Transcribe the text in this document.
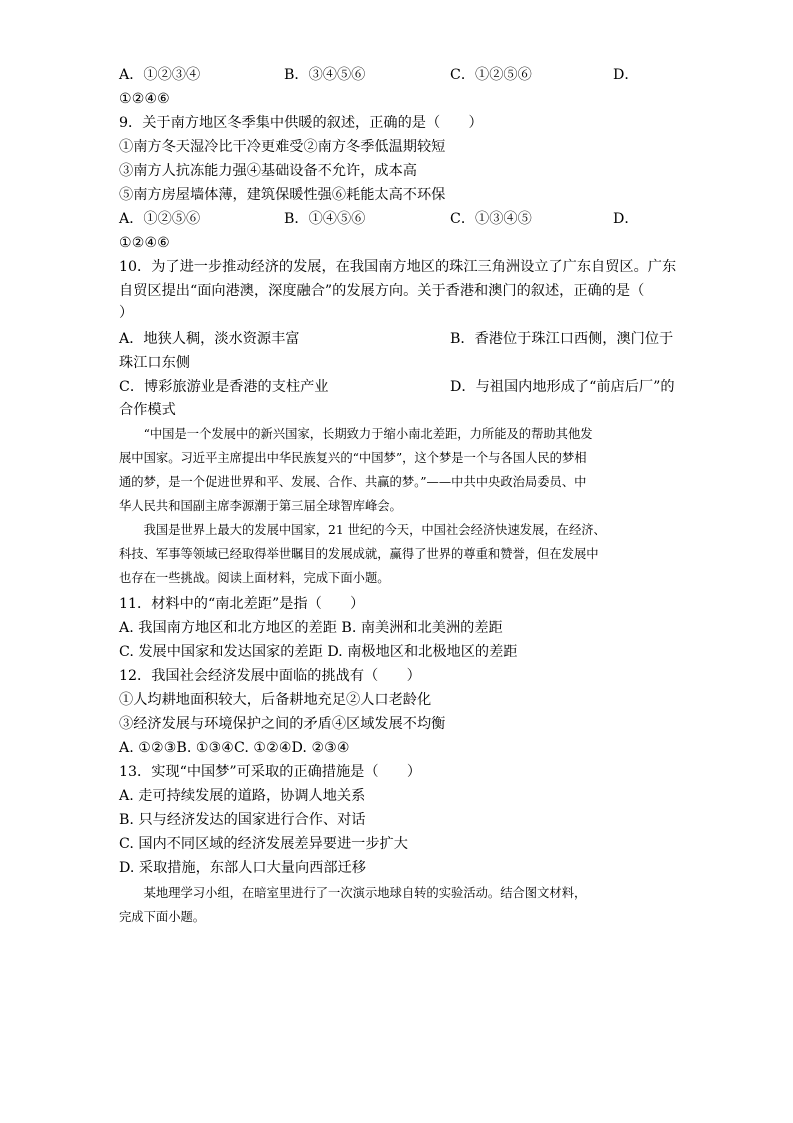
A．①②③④	B．③④⑤⑥	C．①②⑤⑥	D．
①②④⑥
9．关于南方地区冬季集中供暖的叙述，正确的是（　　）
①南方冬天湿冷比干冷更难受②南方冬季低温期较短
③南方人抗冻能力强④基础设备不允许，成本高
⑤南方房屋墙体薄，建筑保暖性强⑥耗能太高不环保
A．①②⑤⑥	B．①④⑤⑥	C．①③④⑤	D．
①②④⑥
10．为了进一步推动经济的发展，在我国南方地区的珠江三角洲设立了广东自贸区。广东
自贸区提出“面向港澳，深度融合”的发展方向。关于香港和澳门的叙述，正确的是（
）
A．地狭人稠，淡水资源丰富	B．香港位于珠江口西侧，澳门位于
珠江口东侧
C．博彩旅游业是香港的支柱产业	D．与祖国内地形成了“前店后厂”的
合作模式
　　“中国是一个发展中的新兴国家，长期致力于缩小南北差距，力所能及的帮助其他发
展中国家。习近平主席提出中华民族复兴的“中国梦”，这个梦是一个与各国人民的梦相
通的梦，是一个促进世界和平、发展、合作、共赢的梦。”——中共中央政治局委员、中
华人民共和国副主席李源潮于第三届全球智库峰会。
　　我国是世界上最大的发展中国家，21 世纪的今天，中国社会经济快速发展，在经济、
科技、军事等领域已经取得举世瞩目的发展成就，赢得了世界的尊重和赞誉，但在发展中
也存在一些挑战。阅读上面材料，完成下面小题。
11．材料中的“南北差距”是指（　　）
A. 我国南方地区和北方地区的差距 B. 南美洲和北美洲的差距
C. 发展中国家和发达国家的差距 D. 南极地区和北极地区的差距
12．我国社会经济发展中面临的挑战有（　　）
①人均耕地面积较大，后备耕地充足②人口老龄化
③经济发展与环境保护之间的矛盾④区域发展不均衡
A. ①②③B. ①③④C. ①②④D. ②③④
13．实现“中国梦”可采取的正确措施是（　　）
A. 走可持续发展的道路，协调人地关系
B. 只与经济发达的国家进行合作、对话
C. 国内不同区域的经济发展差异要进一步扩大
D. 采取措施，东部人口大量向西部迁移
　　某地理学习小组，在暗室里进行了一次演示地球自转的实验活动。结合图文材料，
完成下面小题。
